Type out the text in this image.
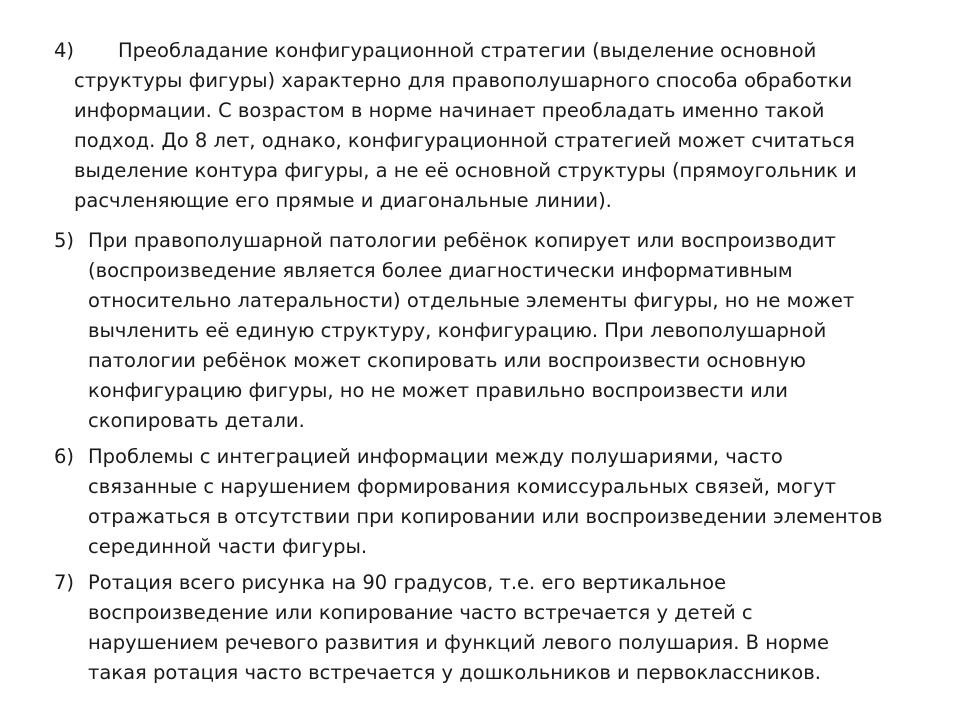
4) Преобладание конфигурационной стратегии (выделение основной
структуры фигуры) характерно для правополушарного способа обработки
информации. С возрастом в норме начинает преобладать именно такой
подход. До 8 лет, однако, конфигурационной стратегией может считаться
выделение контура фигуры, а не её основной структуры (прямоугольник и
расчленяющие его прямые и диагональные линии).
5) При правополушарной патологии ребёнок копирует или воспроизводит
(воспроизведение является более диагностически информативным
относительно латеральности) отдельные элементы фигуры, но не может
вычленить её единую структуру, конфигурацию. При левополушарной
патологии ребёнок может скопировать или воспроизвести основную
конфигурацию фигуры, но не может правильно воспроизвести или
скопировать детали.
6) Проблемы с интеграцией информации между полушариями, часто
связанные с нарушением формирования комиссуральных связей, могут
отражаться в отсутствии при копировании или воспроизведении элементов
серединной части фигуры.
7) Ротация всего рисунка на 90 градусов, т.е. его вертикальное
воспроизведение или копирование часто встречается у детей с
нарушением речевого развития и функций левого полушария. В норме
такая ротация часто встречается у дошкольников и первоклассников.
